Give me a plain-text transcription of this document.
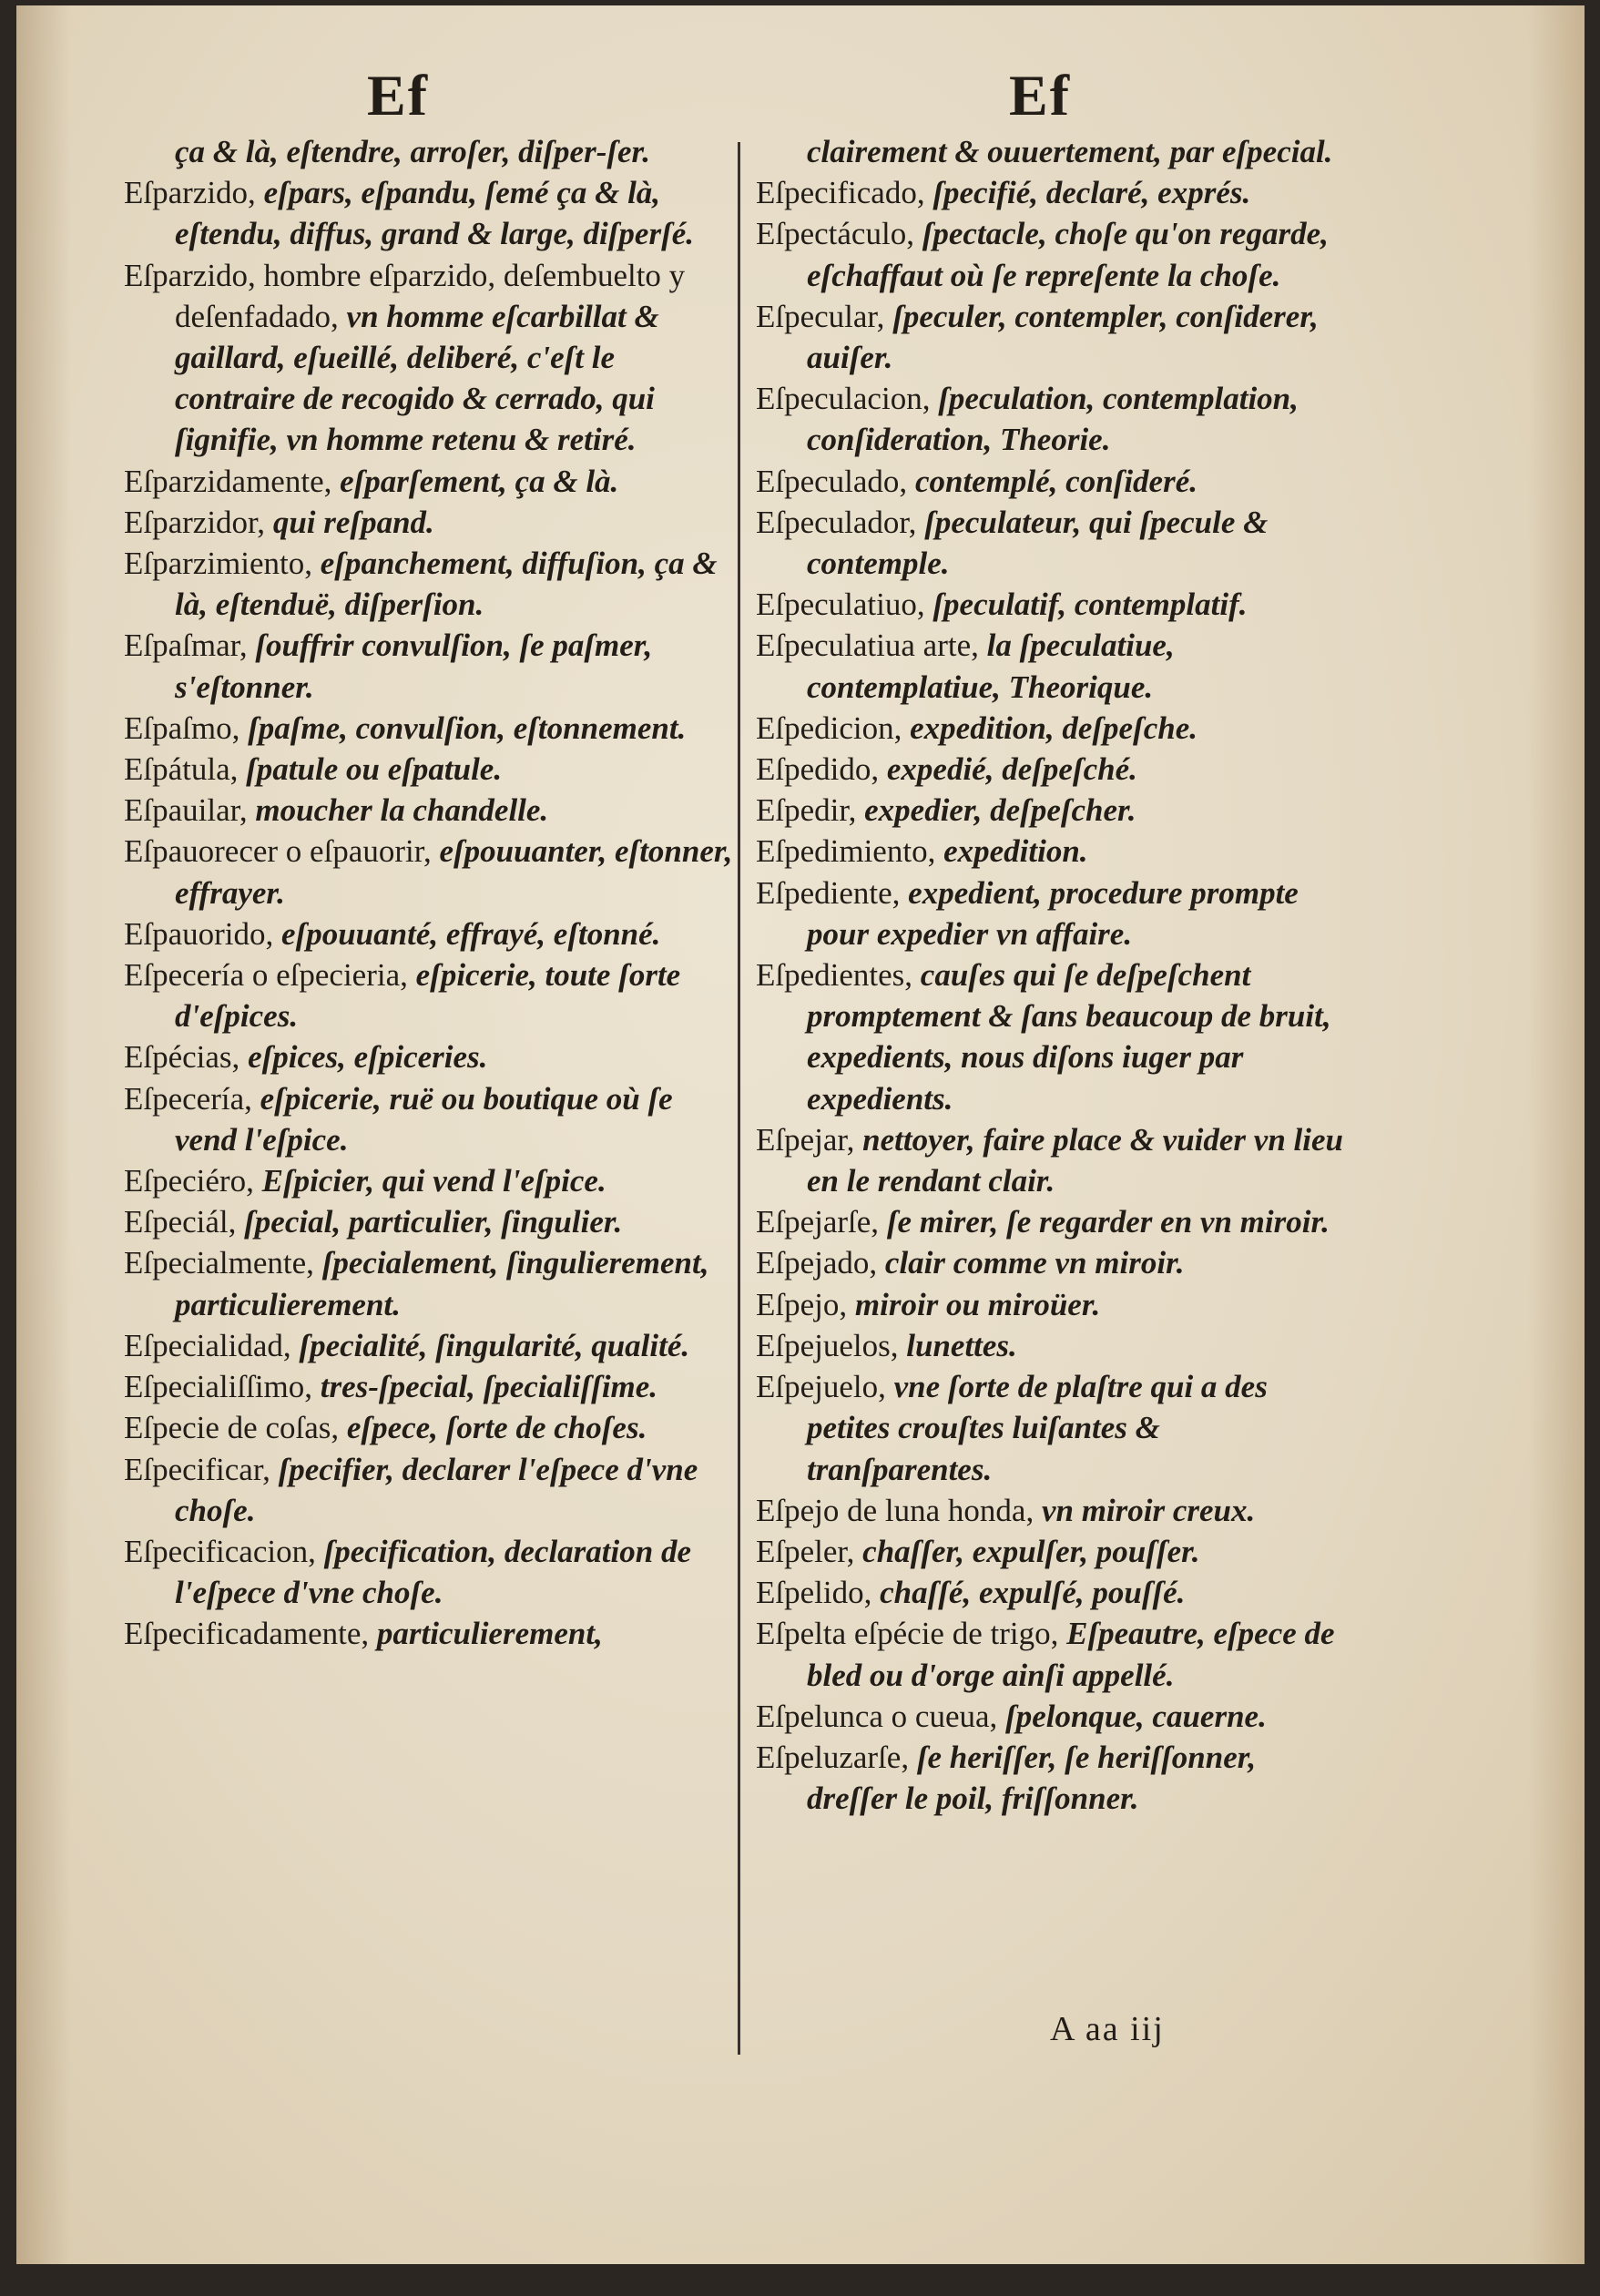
Ef	Ef

ça & là, eſtendre, arroſer, diſper-ſer.

Eſparzido, eſpars, eſpandu, ſemé ça & là, eſtendu, diffus, grand & large, diſperſé.

Eſparzido, hombre eſparzido, deſembuelto y deſenfadado, vn homme eſcarbillat & gaillard, eſueillé, deliberé, c'eſt le contraire de recogido & cerrado, qui ſignifie, vn homme retenu & retiré.

Eſparzidamente, eſparſement, ça & là.

Eſparzidor, qui reſpand.

Eſparzimiento, eſpanchement, diffuſion, ça & là, eſtenduë, diſperſion.

Eſpaſmar, ſouffrir convulſion, ſe paſmer, s'eſtonner.

Eſpaſmo, ſpaſme, convulſion, eſtonnement.

Eſpátula, ſpatule ou eſpatule.

Eſpauilar, moucher la chandelle.

Eſpauorecer o eſpauorir, eſpouuanter, eſtonner, effrayer.

Eſpauorido, eſpouuanté, effrayé, eſtonné.

Eſpecería o eſpecieria, eſpicerie, toute ſorte d'eſpices.

Eſpécias, eſpices, eſpiceries.

Eſpecería, eſpicerie, ruë ou boutique où ſe vend l'eſpice.

Eſpeciéro, Eſpicier, qui vend l'eſpice.

Eſpeciál, ſpecial, particulier, ſingulier.

Eſpecialmente, ſpecialement, ſingulierement, particulierement.

Eſpecialidad, ſpecialité, ſingularité, qualité.

Eſpecialiſſimo, tres-ſpecial, ſpecialiſſime.

Eſpecie de coſas, eſpece, ſorte de choſes.

Eſpecificar, ſpecifier, declarer l'eſpece d'vne choſe.

Eſpecificacion, ſpecification, declaration de l'eſpece d'vne choſe.

Eſpecificadamente, particulierement,

clairement & ouuertement, par eſpecial.

Eſpecificado, ſpecifié, declaré, exprés.

Eſpectáculo, ſpectacle, choſe qu'on regarde, eſchaffaut où ſe repreſente la choſe.

Eſpecular, ſpeculer, contempler, conſiderer, auiſer.

Eſpeculacion, ſpeculation, contemplation, conſideration, Theorie.

Eſpeculado, contemplé, conſideré.

Eſpeculador, ſpeculateur, qui ſpecule & contemple.

Eſpeculatiuo, ſpeculatif, contemplatif.

Eſpeculatiua arte, la ſpeculatiue, contemplatiue, Theorique.

Eſpedicion, expedition, deſpeſche.

Eſpedido, expedié, deſpeſché.

Eſpedir, expedier, deſpeſcher.

Eſpedimiento, expedition.

Eſpediente, expedient, procedure prompte pour expedier vn affaire.

Eſpedientes, cauſes qui ſe deſpeſchent promptement & ſans beaucoup de bruit, expedients, nous diſons iuger par expedients.

Eſpejar, nettoyer, faire place & vuider vn lieu en le rendant clair.

Eſpejarſe, ſe mirer, ſe regarder en vn miroir.

Eſpejado, clair comme vn miroir.

Eſpejo, miroir ou miroüer.

Eſpejuelos, lunettes.

Eſpejuelo, vne ſorte de plaſtre qui a des petites crouſtes luiſantes & tranſparentes.

Eſpejo de luna honda, vn miroir creux.

Eſpeler, chaſſer, expulſer, pouſſer.

Eſpelido, chaſſé, expulſé, pouſſé.

Eſpelta eſpécie de trigo, Eſpeautre, eſpece de bled ou d'orge ainſi appellé.

Eſpelunca o cueua, ſpelonque, cauerne.

Eſpeluzarſe, ſe heriſſer, ſe heriſſonner, dreſſer le poil, friſſonner.

A aa iij
